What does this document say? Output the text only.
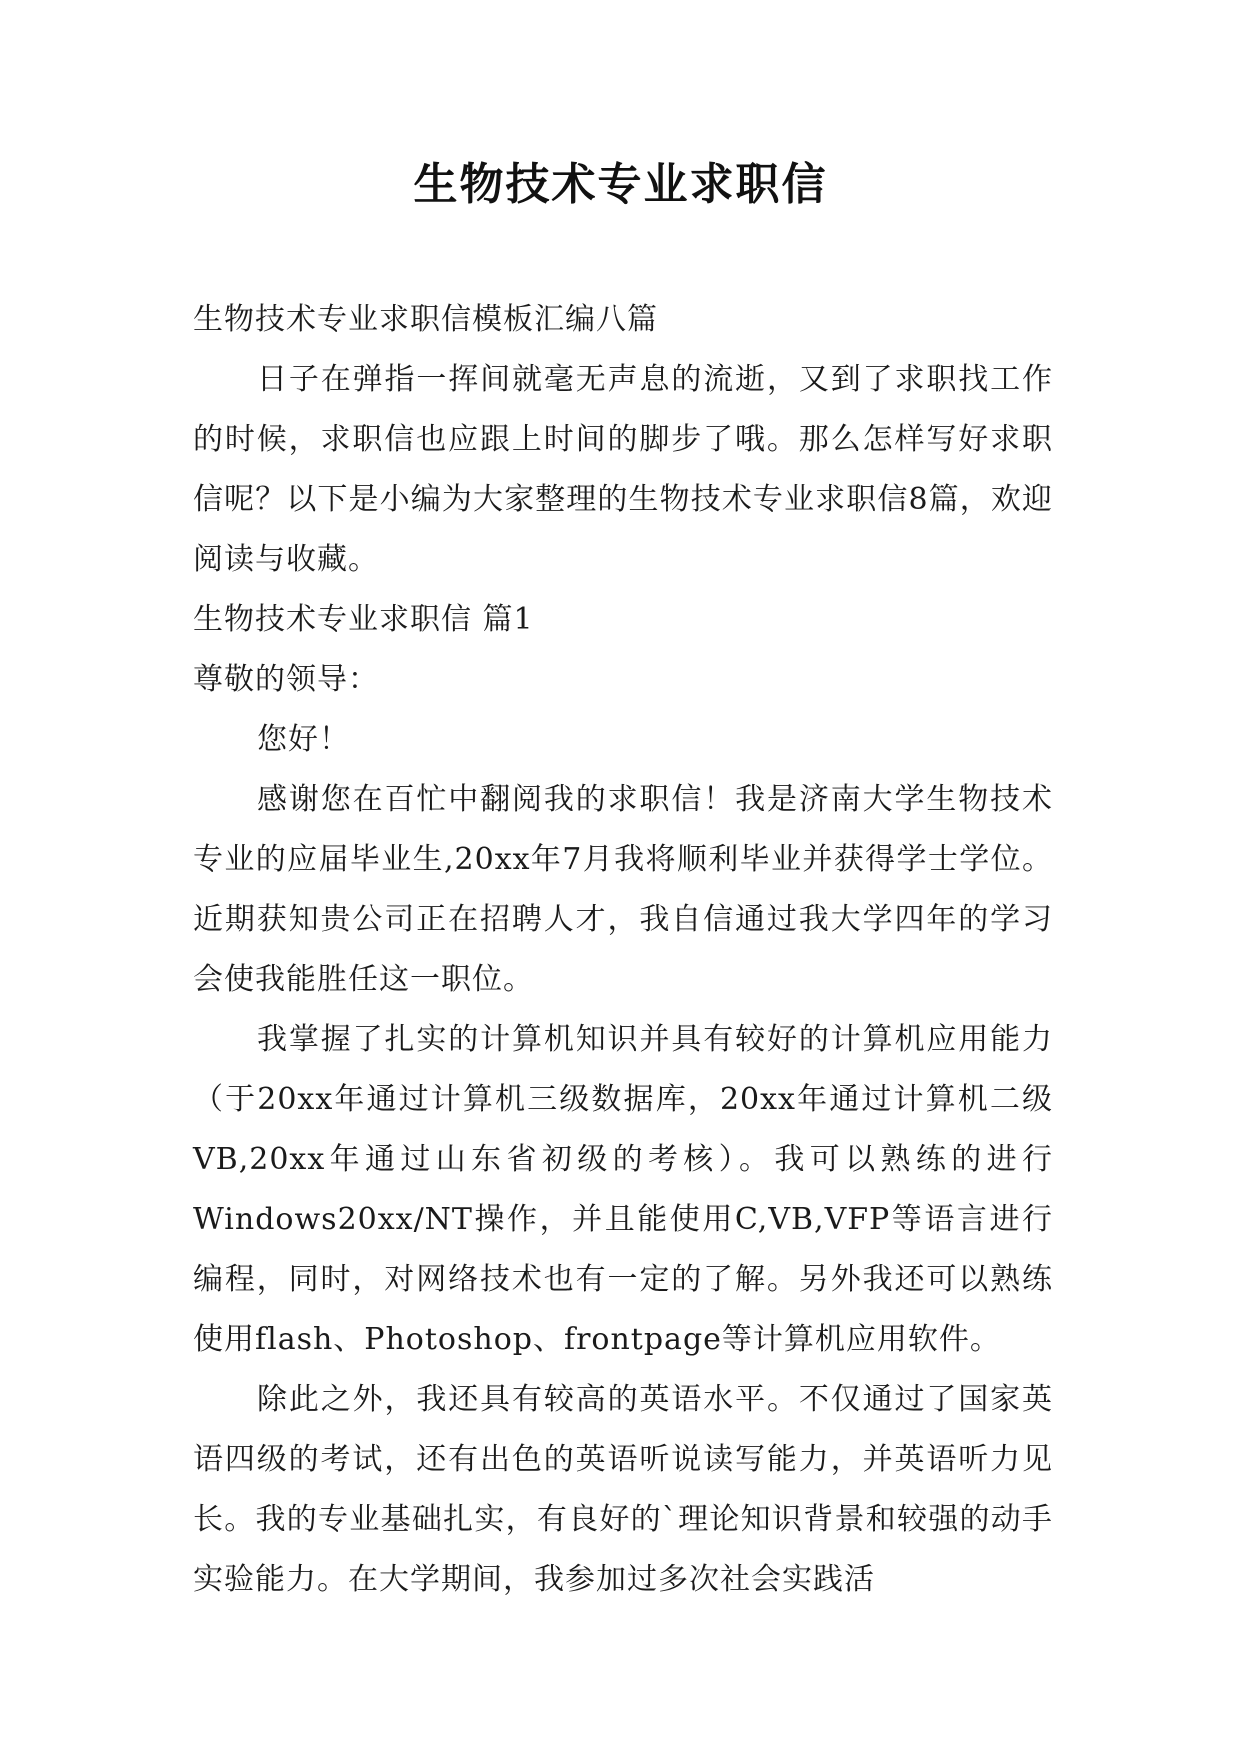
生物技术专业求职信

生物技术专业求职信模板汇编八篇

日子在弹指一挥间就毫无声息的流逝，又到了求职找工作的时候，求职信也应跟上时间的脚步了哦。那么怎样写好求职信呢？以下是小编为大家整理的生物技术专业求职信8篇，欢迎阅读与收藏。

生物技术专业求职信 篇1

尊敬的领导：

您好！

感谢您在百忙中翻阅我的求职信！我是济南大学生物技术专业的应届毕业生,20xx年7月我将顺利毕业并获得学士学位。近期获知贵公司正在招聘人才，我自信通过我大学四年的学习会使我能胜任这一职位。

我掌握了扎实的计算机知识并具有较好的计算机应用能力（于20xx年通过计算机三级数据库，20xx年通过计算机二级VB,20xx年通过山东省初级的考核）。我可以熟练的进行Windows20xx/NT操作，并且能使用C,VB,VFP等语言进行编程，同时，对网络技术也有一定的了解。另外我还可以熟练使用flash、Photoshop、frontpage等计算机应用软件。

除此之外，我还具有较高的英语水平。不仅通过了国家英语四级的考试，还有出色的英语听说读写能力，并英语听力见长。我的专业基础扎实，有良好的`理论知识背景和较强的动手实验能力。在大学期间，我参加过多次社会实践活
